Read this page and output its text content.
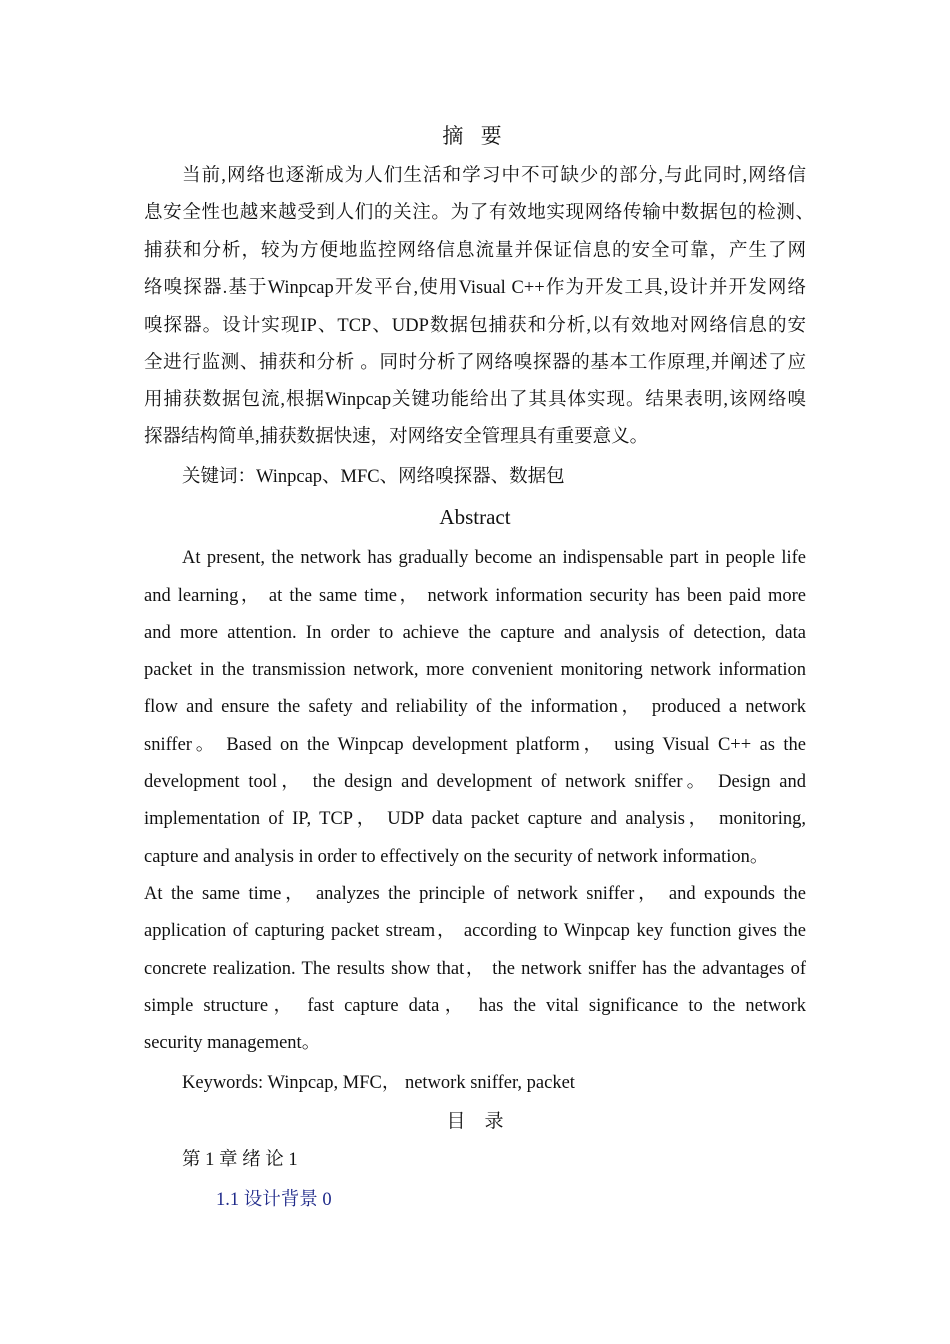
摘 要
当前,网络也逐渐成为人们生活和学习中不可缺少的部分,与此同时,网络信
息安全性也越来越受到人们的关注。为了有效地实现网络传输中数据包的检测、
捕获和分析，较为方便地监控网络信息流量并保证信息的安全可靠，产生了网
络嗅探器.基于Winpcap开发平台,使用Visual C++作为开发工具,设计并开发网络
嗅探器。设计实现IP、TCP、UDP数据包捕获和分析,以有效地对网络信息的安
全进行监测、捕获和分析 。同时分析了网络嗅探器的基本工作原理,并阐述了应
用捕获数据包流,根据Winpcap关键功能给出了其具体实现。结果表明,该网络嗅
探器结构简单,捕获数据快速，对网络安全管理具有重要意义。
关键词：Winpcap、MFC、网络嗅探器、数据包
Abstract
At present, the network has gradually become an indispensable part in people life
and learning， at the same time， network information security has been paid more
and more attention. In order to achieve the capture and analysis of detection, data
packet in the transmission network, more convenient monitoring network information
flow and ensure the safety and reliability of the information， produced a network
sniffer。 Based on the Winpcap development platform， using Visual C++ as the
development tool， the design and development of network sniffer。 Design and
implementation of IP, TCP， UDP data packet capture and analysis， monitoring,
capture and analysis in order to effectively on the security of network information。
At the same time， analyzes the principle of network sniffer， and expounds the
application of capturing packet stream， according to Winpcap key function gives the
concrete realization. The results show that， the network sniffer has the advantages of
simple structure， fast capture data， has the vital significance to the network
security management。
Keywords: Winpcap, MFC， network sniffer, packet
目　录
第 1 章 绪 论 1
1.1 设计背景 0
